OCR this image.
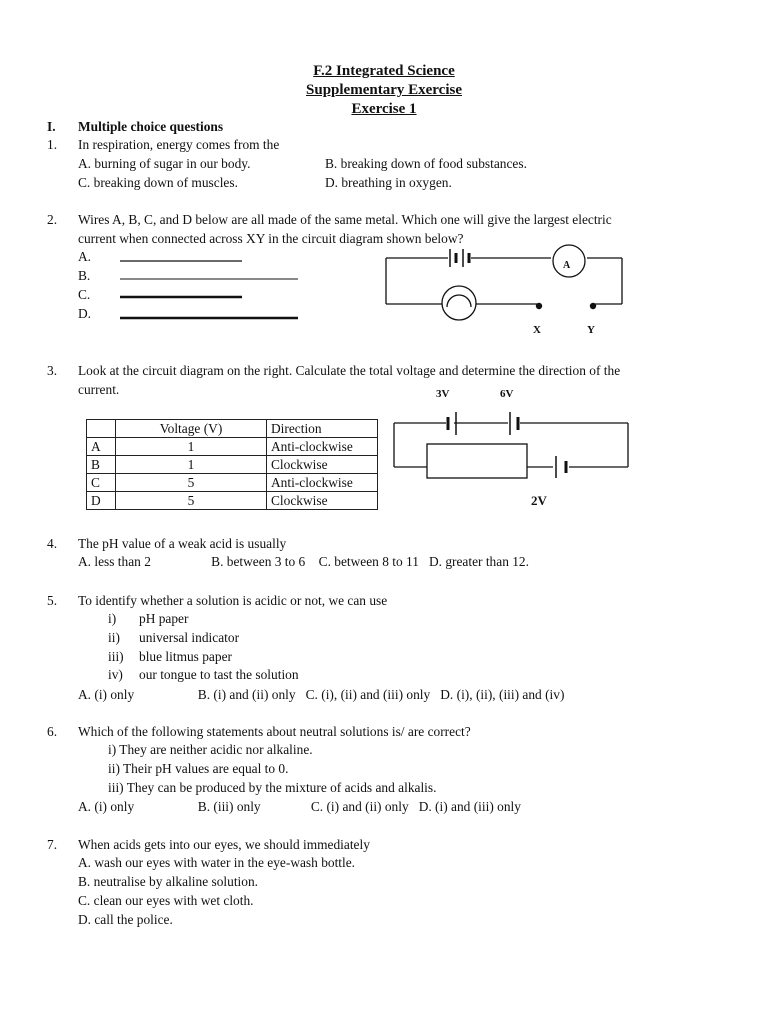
F.2 Integrated Science
Supplementary Exercise
Exercise 1
I. Multiple choice questions
1. In respiration, energy comes from the
A. burning of sugar in our body.	B. breaking down of food substances.
C. breaking down of muscles.	D. breathing in oxygen.
2. Wires A, B, C, and D below are all made of the same metal. Which one will give the largest electric
current when connected across XY in the circuit diagram shown below?
A.
B.
C.
D.
A
X	Y
3. Look at the circuit diagram on the right. Calculate the total voltage and determine the direction of the
current.	3V	6V
2V
	Voltage (V)	Direction
A	1	Anti-clockwise
B	1	Clockwise
C	5	Anti-clockwise
D	5	Clockwise
4. The pH value of a weak acid is usually
A. less than 2                  B. between 3 to 6    C. between 8 to 11   D. greater than 12.
5. To identify whether a solution is acidic or not, we can use
i) pH paper
ii) universal indicator
iii) blue litmus paper
iv) our tongue to tast the solution
A. (i) only                   B. (i) and (ii) only   C. (i), (ii) and (iii) only   D. (i), (ii), (iii) and (iv)
6. Which of the following statements about neutral solutions is/ are correct?
i) They are neither acidic nor alkaline.
ii) Their pH values are equal to 0.
iii) They can be produced by the mixture of acids and alkalis.
A. (i) only                   B. (iii) only               C. (i) and (ii) only   D. (i) and (iii) only
7. When acids gets into our eyes, we should immediately
A. wash our eyes with water in the eye-wash bottle.
B. neutralise by alkaline solution.
C. clean our eyes with wet cloth.
D. call the police.
